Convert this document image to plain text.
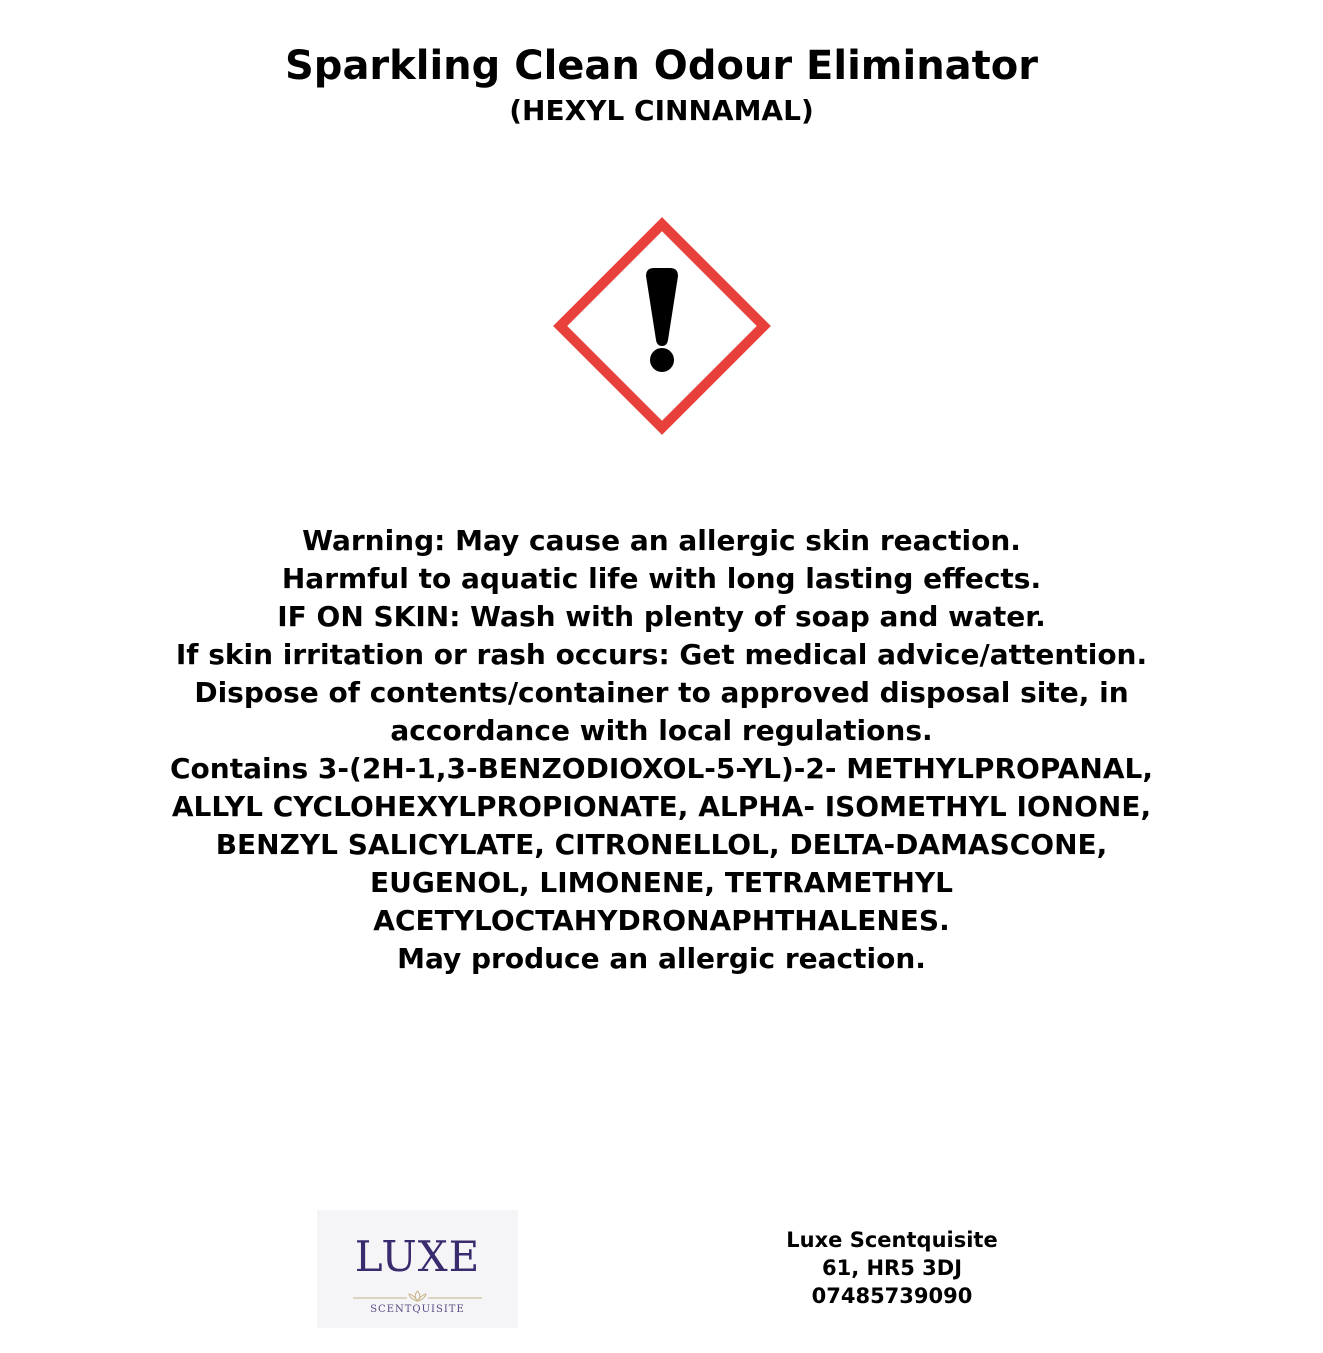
Sparkling Clean Odour Eliminator
(HEXYL CINNAMAL)
Warning: May cause an allergic skin reaction.
Harmful to aquatic life with long lasting effects.
IF ON SKIN: Wash with plenty of soap and water.
If skin irritation or rash occurs: Get medical advice/attention.
Dispose of contents/container to approved disposal site, in
accordance with local regulations.
Contains 3-(2H-1,3-BENZODIOXOL-5-YL)-2- METHYLPROPANAL,
ALLYL CYCLOHEXYLPROPIONATE, ALPHA- ISOMETHYL IONONE,
BENZYL SALICYLATE, CITRONELLOL, DELTA-DAMASCONE,
EUGENOL, LIMONENE, TETRAMETHYL
ACETYLOCTAHYDRONAPHTHALENES.
May produce an allergic reaction.
LUXE
SCENTQUISITE
Luxe Scentquisite
61, HR5 3DJ
07485739090
